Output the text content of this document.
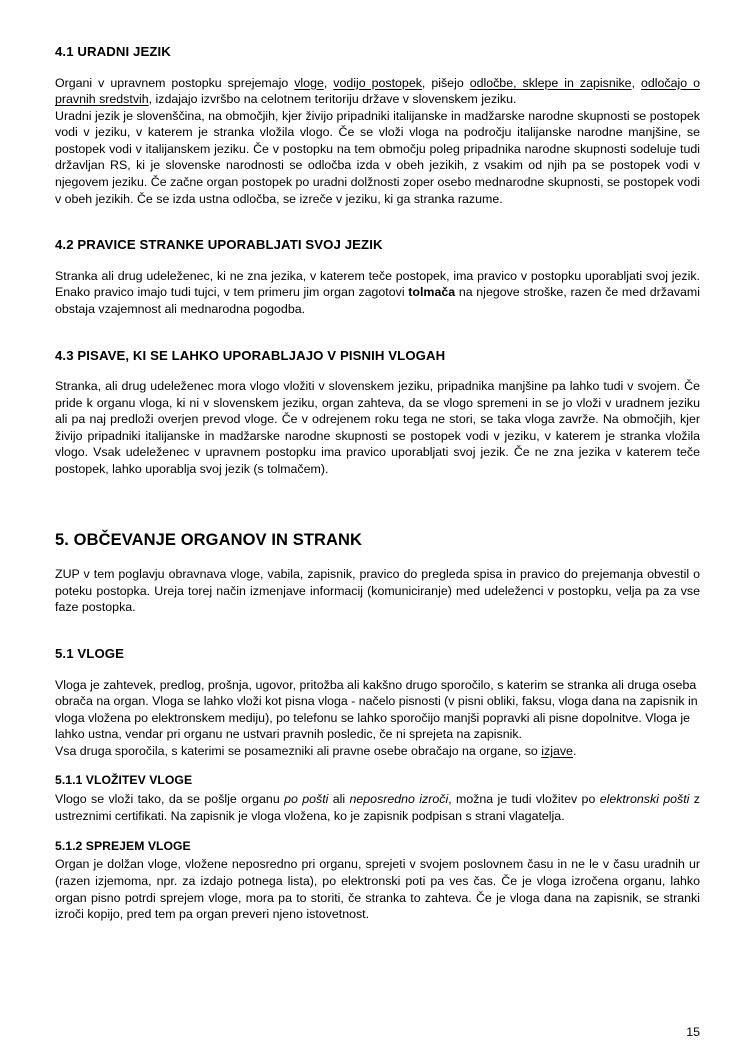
4.1 URADNI JEZIK

Organi v upravnem postopku sprejemajo vloge, vodijo postopek, pišejo odločbe, sklepe in zapisnike, odločajo o pravnih sredstvih, izdajajo izvršbo na celotnem teritoriju države v slovenskem jeziku.

Uradni jezik je slovenščina, na območjih, kjer živijo pripadniki italijanske in madžarske narodne skupnosti se postopek vodi v jeziku, v katerem je stranka vložila vlogo. Če se vloži vloga na področju italijanske narodne manjšine, se postopek vodi v italijanskem jeziku. Če v postopku na tem območju poleg pripadnika narodne skupnosti sodeluje tudi državljan RS, ki je slovenske narodnosti se odločba izda v obeh jezikih, z vsakim od njih pa se postopek vodi v njegovem jeziku. Če začne organ postopek po uradni dolžnosti zoper osebo mednarodne skupnosti, se postopek vodi v obeh jezikih. Če se izda ustna odločba, se izreče v jeziku, ki ga stranka razume.

4.2 PRAVICE STRANKE UPORABLJATI SVOJ JEZIK

Stranka ali drug udeleženec, ki ne zna jezika, v katerem teče postopek, ima pravico v postopku uporabljati svoj jezik. Enako pravico imajo tudi tujci, v tem primeru jim organ zagotovi tolmača na njegove stroške, razen če med državami obstaja vzajemnost ali mednarodna pogodba.

4.3 PISAVE, KI SE LAHKO UPORABLJAJO V PISNIH VLOGAH

Stranka, ali drug udeleženec mora vlogo vložiti v slovenskem jeziku, pripadnika manjšine pa lahko tudi v svojem. Če pride k organu vloga, ki ni v slovenskem jeziku, organ zahteva, da se vlogo spremeni in se jo vloži v uradnem jeziku ali pa naj predloži overjen prevod vloge. Če v odrejenem roku tega ne stori, se taka vloga zavrže. Na območjih, kjer živijo pripadniki italijanske in madžarske narodne skupnosti se postopek vodi v jeziku, v katerem je stranka vložila vlogo. Vsak udeleženec v upravnem postopku ima pravico uporabljati svoj jezik. Če ne zna jezika v katerem teče postopek, lahko uporablja svoj jezik (s tolmačem).

5. OBČEVANJE ORGANOV IN STRANK

ZUP v tem poglavju obravnava vloge, vabila, zapisnik, pravico do pregleda spisa in pravico do prejemanja obvestil o poteku postopka. Ureja torej način izmenjave informacij (komuniciranje) med udeleženci v postopku, velja pa za vse faze postopka.

5.1 VLOGE

Vloga je zahtevek, predlog, prošnja, ugovor, pritožba ali kakšno drugo sporočilo, s katerim se stranka ali druga oseba obrača na organ. Vloga se lahko vloži kot pisna vloga - načelo pisnosti (v pisni obliki, faksu, vloga dana na zapisnik in vloga vložena po elektronskem mediju), po telefonu se lahko sporočijo manjši popravki ali pisne dopolnitve. Vloga je lahko ustna, vendar pri organu ne ustvari pravnih posledic, če ni sprejeta na zapisnik.

Vsa druga sporočila, s katerimi se posamezniki ali pravne osebe obračajo na organe, so izjave.

5.1.1 VLOŽITEV VLOGE

Vlogo se vloži tako, da se pošlje organu po pošti ali neposredno izroči, možna je tudi vložitev po elektronski pošti z ustreznimi certifikati. Na zapisnik je vloga vložena, ko je zapisnik podpisan s strani vlagatelja.

5.1.2 SPREJEM VLOGE

Organ je dolžan vloge, vložene neposredno pri organu, sprejeti v svojem poslovnem času in ne le v času uradnih ur (razen izjemoma, npr. za izdajo potnega lista), po elektronski poti pa ves čas. Če je vloga izročena organu, lahko organ pisno potrdi sprejem vloge, mora pa to storiti, če stranka to zahteva. Če je vloga dana na zapisnik, se stranki izroči kopijo, pred tem pa organ preveri njeno istovetnost.

15
